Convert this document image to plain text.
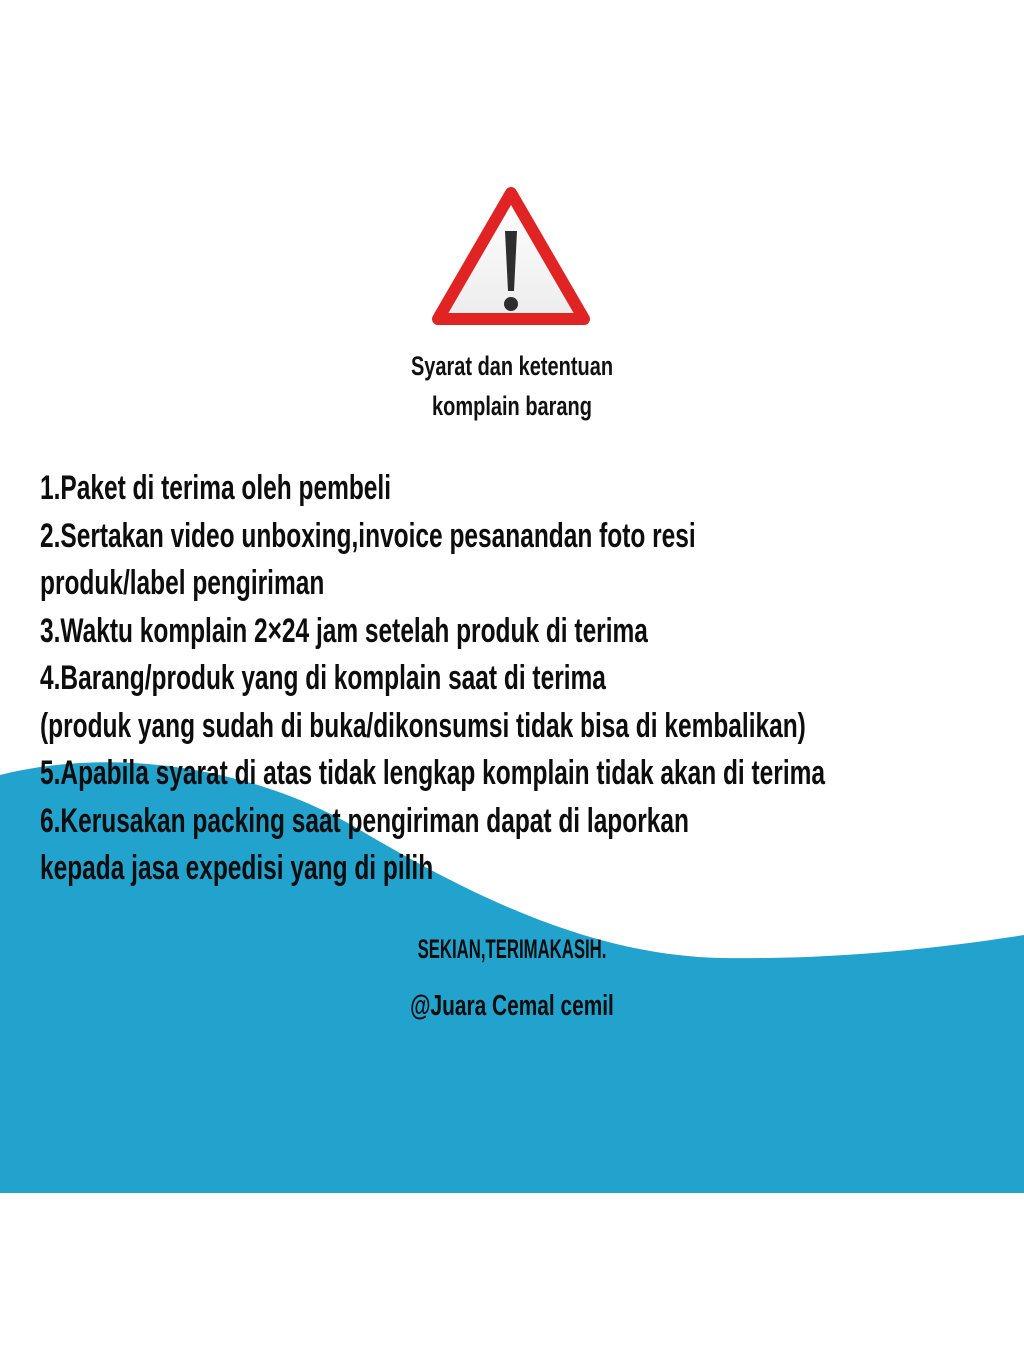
Syarat dan ketentuan
komplain barang
1.Paket di terima oleh pembeli
2.Sertakan video unboxing,invoice pesanandan foto resi
produk/label pengiriman
3.Waktu komplain 2×24 jam setelah produk di terima
4.Barang/produk yang di komplain saat di terima
(produk yang sudah di buka/dikonsumsi tidak bisa di kembalikan)
5.Apabila syarat di atas tidak lengkap komplain tidak akan di terima
6.Kerusakan packing saat pengiriman dapat di laporkan
kepada jasa expedisi yang di pilih
SEKIAN,TERIMAKASIH.
@Juara Cemal cemil
